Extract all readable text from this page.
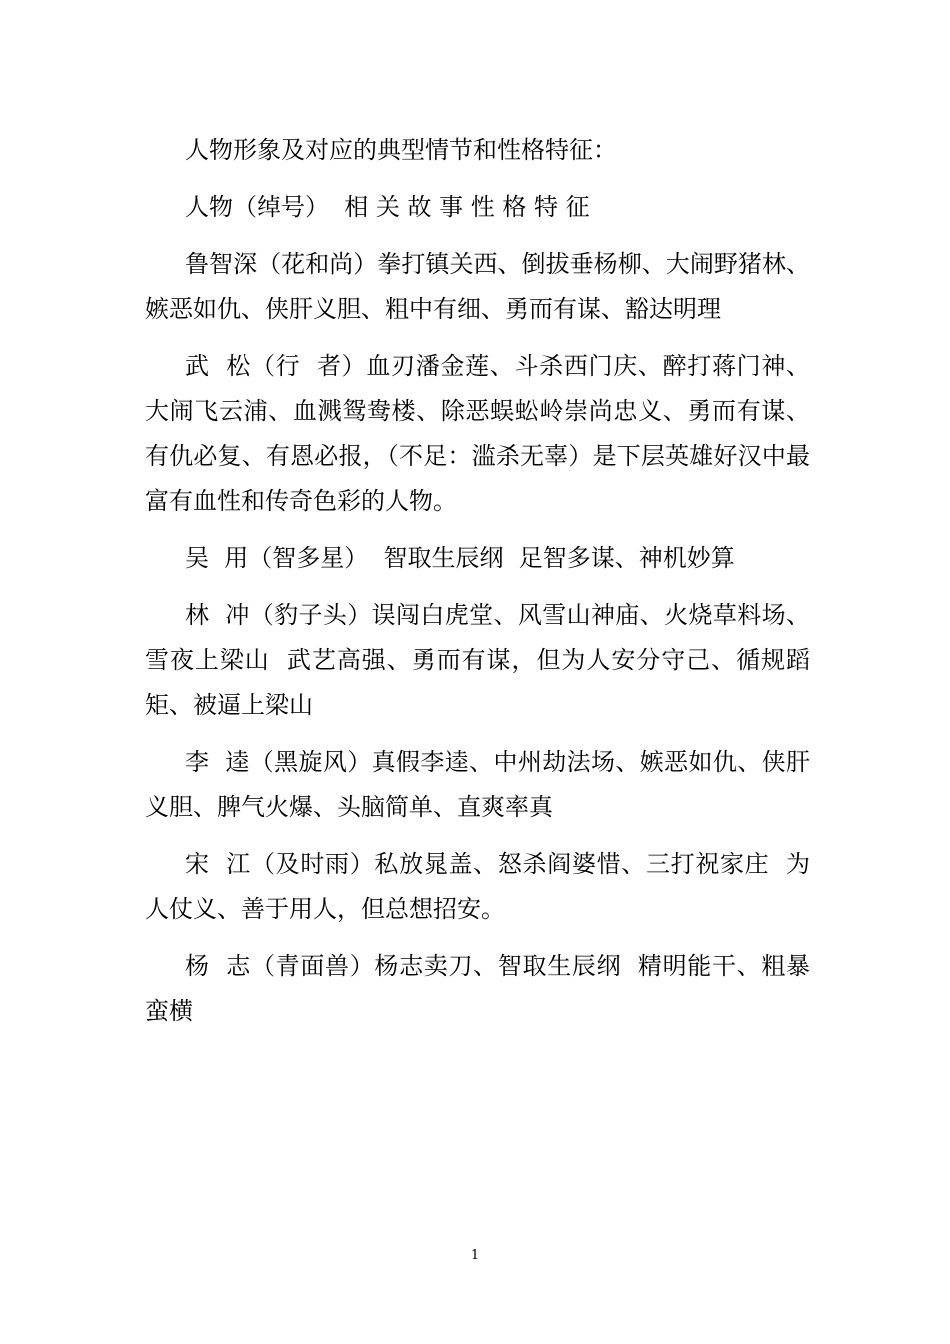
人物形象及对应的典型情节和性格特征：

人物（绰号）  相 关 故 事 性 格 特 征

鲁智深（花和尚）拳打镇关西、倒拔垂杨柳、大闹野猪林、嫉恶如仇、侠肝义胆、粗中有细、勇而有谋、豁达明理

武  松（行  者）血刃潘金莲、斗杀西门庆、醉打蒋门神、大闹飞云浦、血溅鸳鸯楼、除恶蜈蚣岭崇尚忠义、勇而有谋、有仇必复、有恩必报，（不足：滥杀无辜）是下层英雄好汉中最富有血性和传奇色彩的人物。

吴  用（智多星）  智取生辰纲  足智多谋、神机妙算

林  冲（豹子头）误闯白虎堂、风雪山神庙、火烧草料场、雪夜上梁山  武艺高强、勇而有谋，但为人安分守己、循规蹈矩、被逼上梁山

李  逵（黑旋风）真假李逵、中州劫法场、嫉恶如仇、侠肝义胆、脾气火爆、头脑简单、直爽率真

宋  江（及时雨）私放晁盖、怒杀阎婆惜、三打祝家庄  为人仗义、善于用人，但总想招安。

杨  志（青面兽）杨志卖刀、智取生辰纲  精明能干、粗暴蛮横

1
